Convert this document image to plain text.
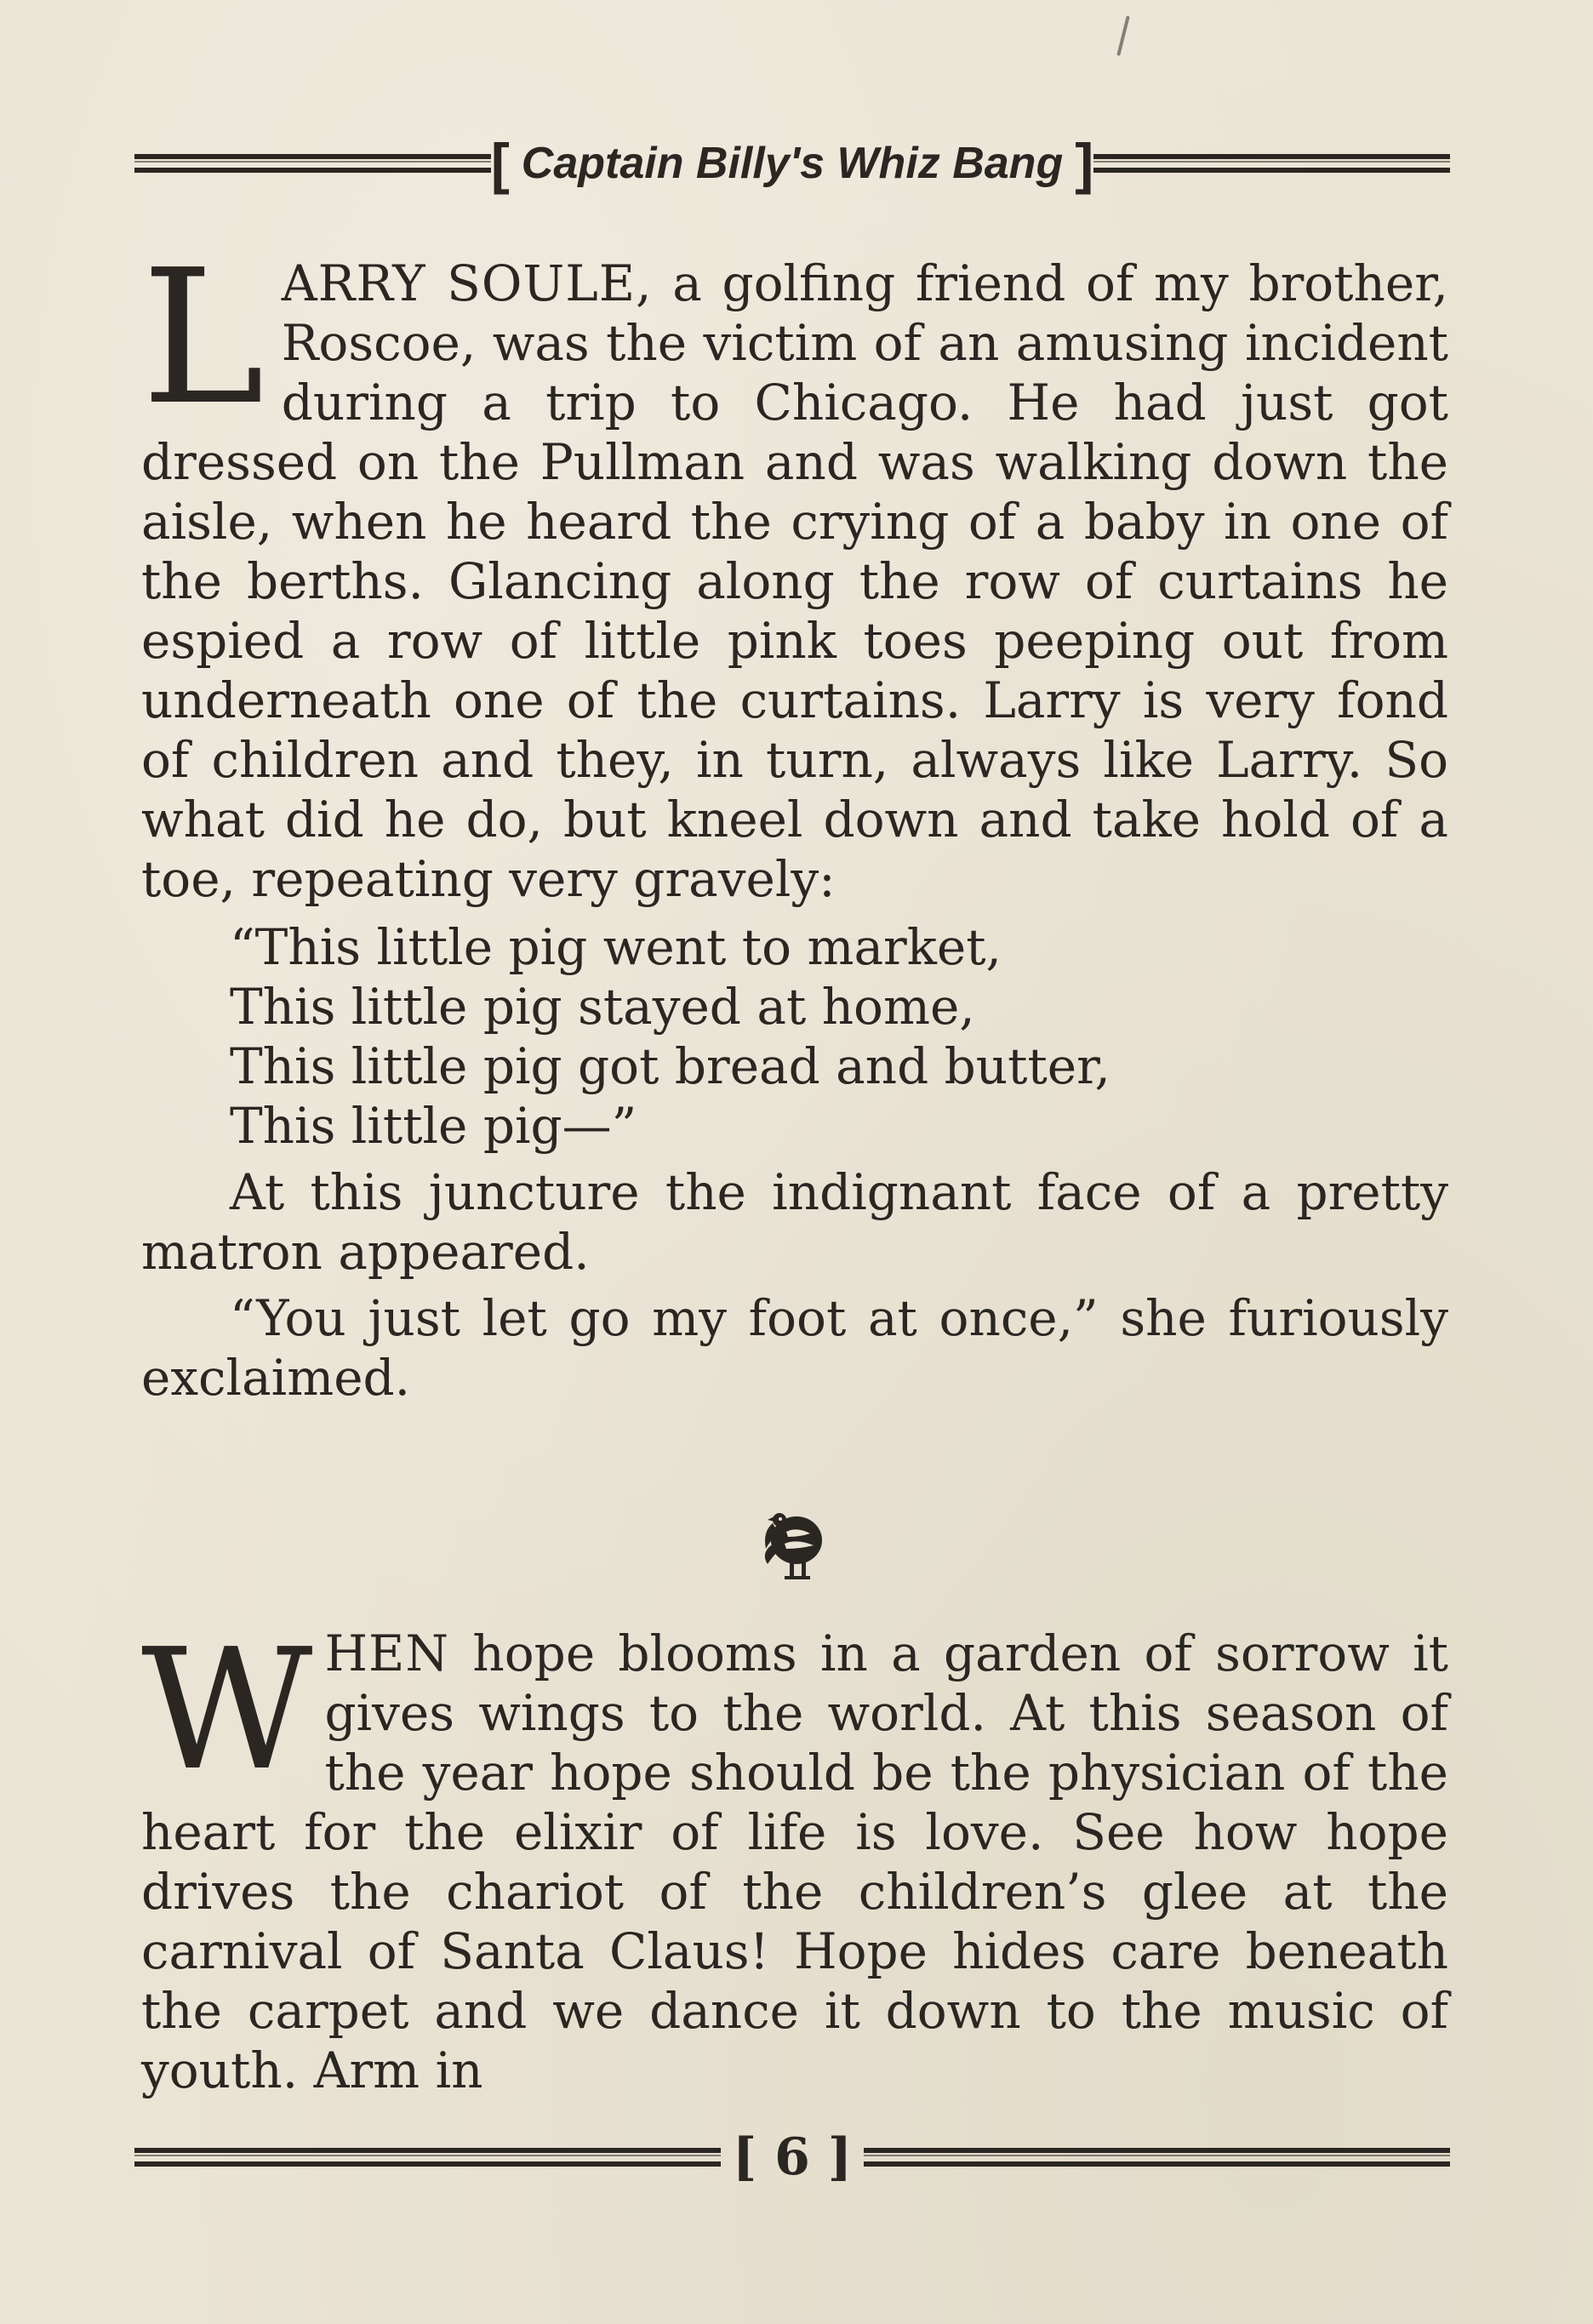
[ Captain Billy's Whiz Bang ]

LARRY SOULE, a golfing friend of my brother, Roscoe, was the victim of an amusing incident during a trip to Chicago. He had just got dressed on the Pullman and was walking down the aisle, when he heard the crying of a baby in one of the berths. Glancing along the row of curtains he espied a row of little pink toes peeping out from underneath one of the curtains. Larry is very fond of children and they, in turn, always like Larry. So what did he do, but kneel down and take hold of a toe, repeating very gravely:

“This little pig went to market,
This little pig stayed at home,
This little pig got bread and butter,
This little pig—”

At this juncture the indignant face of a pretty matron appeared.

“You just let go my foot at once,” she furiously exclaimed.

WHEN hope blooms in a garden of sorrow it gives wings to the world. At this season of the year hope should be the physician of the heart for the elixir of life is love. See how hope drives the chariot of the children’s glee at the carnival of Santa Claus! Hope hides care beneath the carpet and we dance it down to the music of youth. Arm in

[ 6 ]
